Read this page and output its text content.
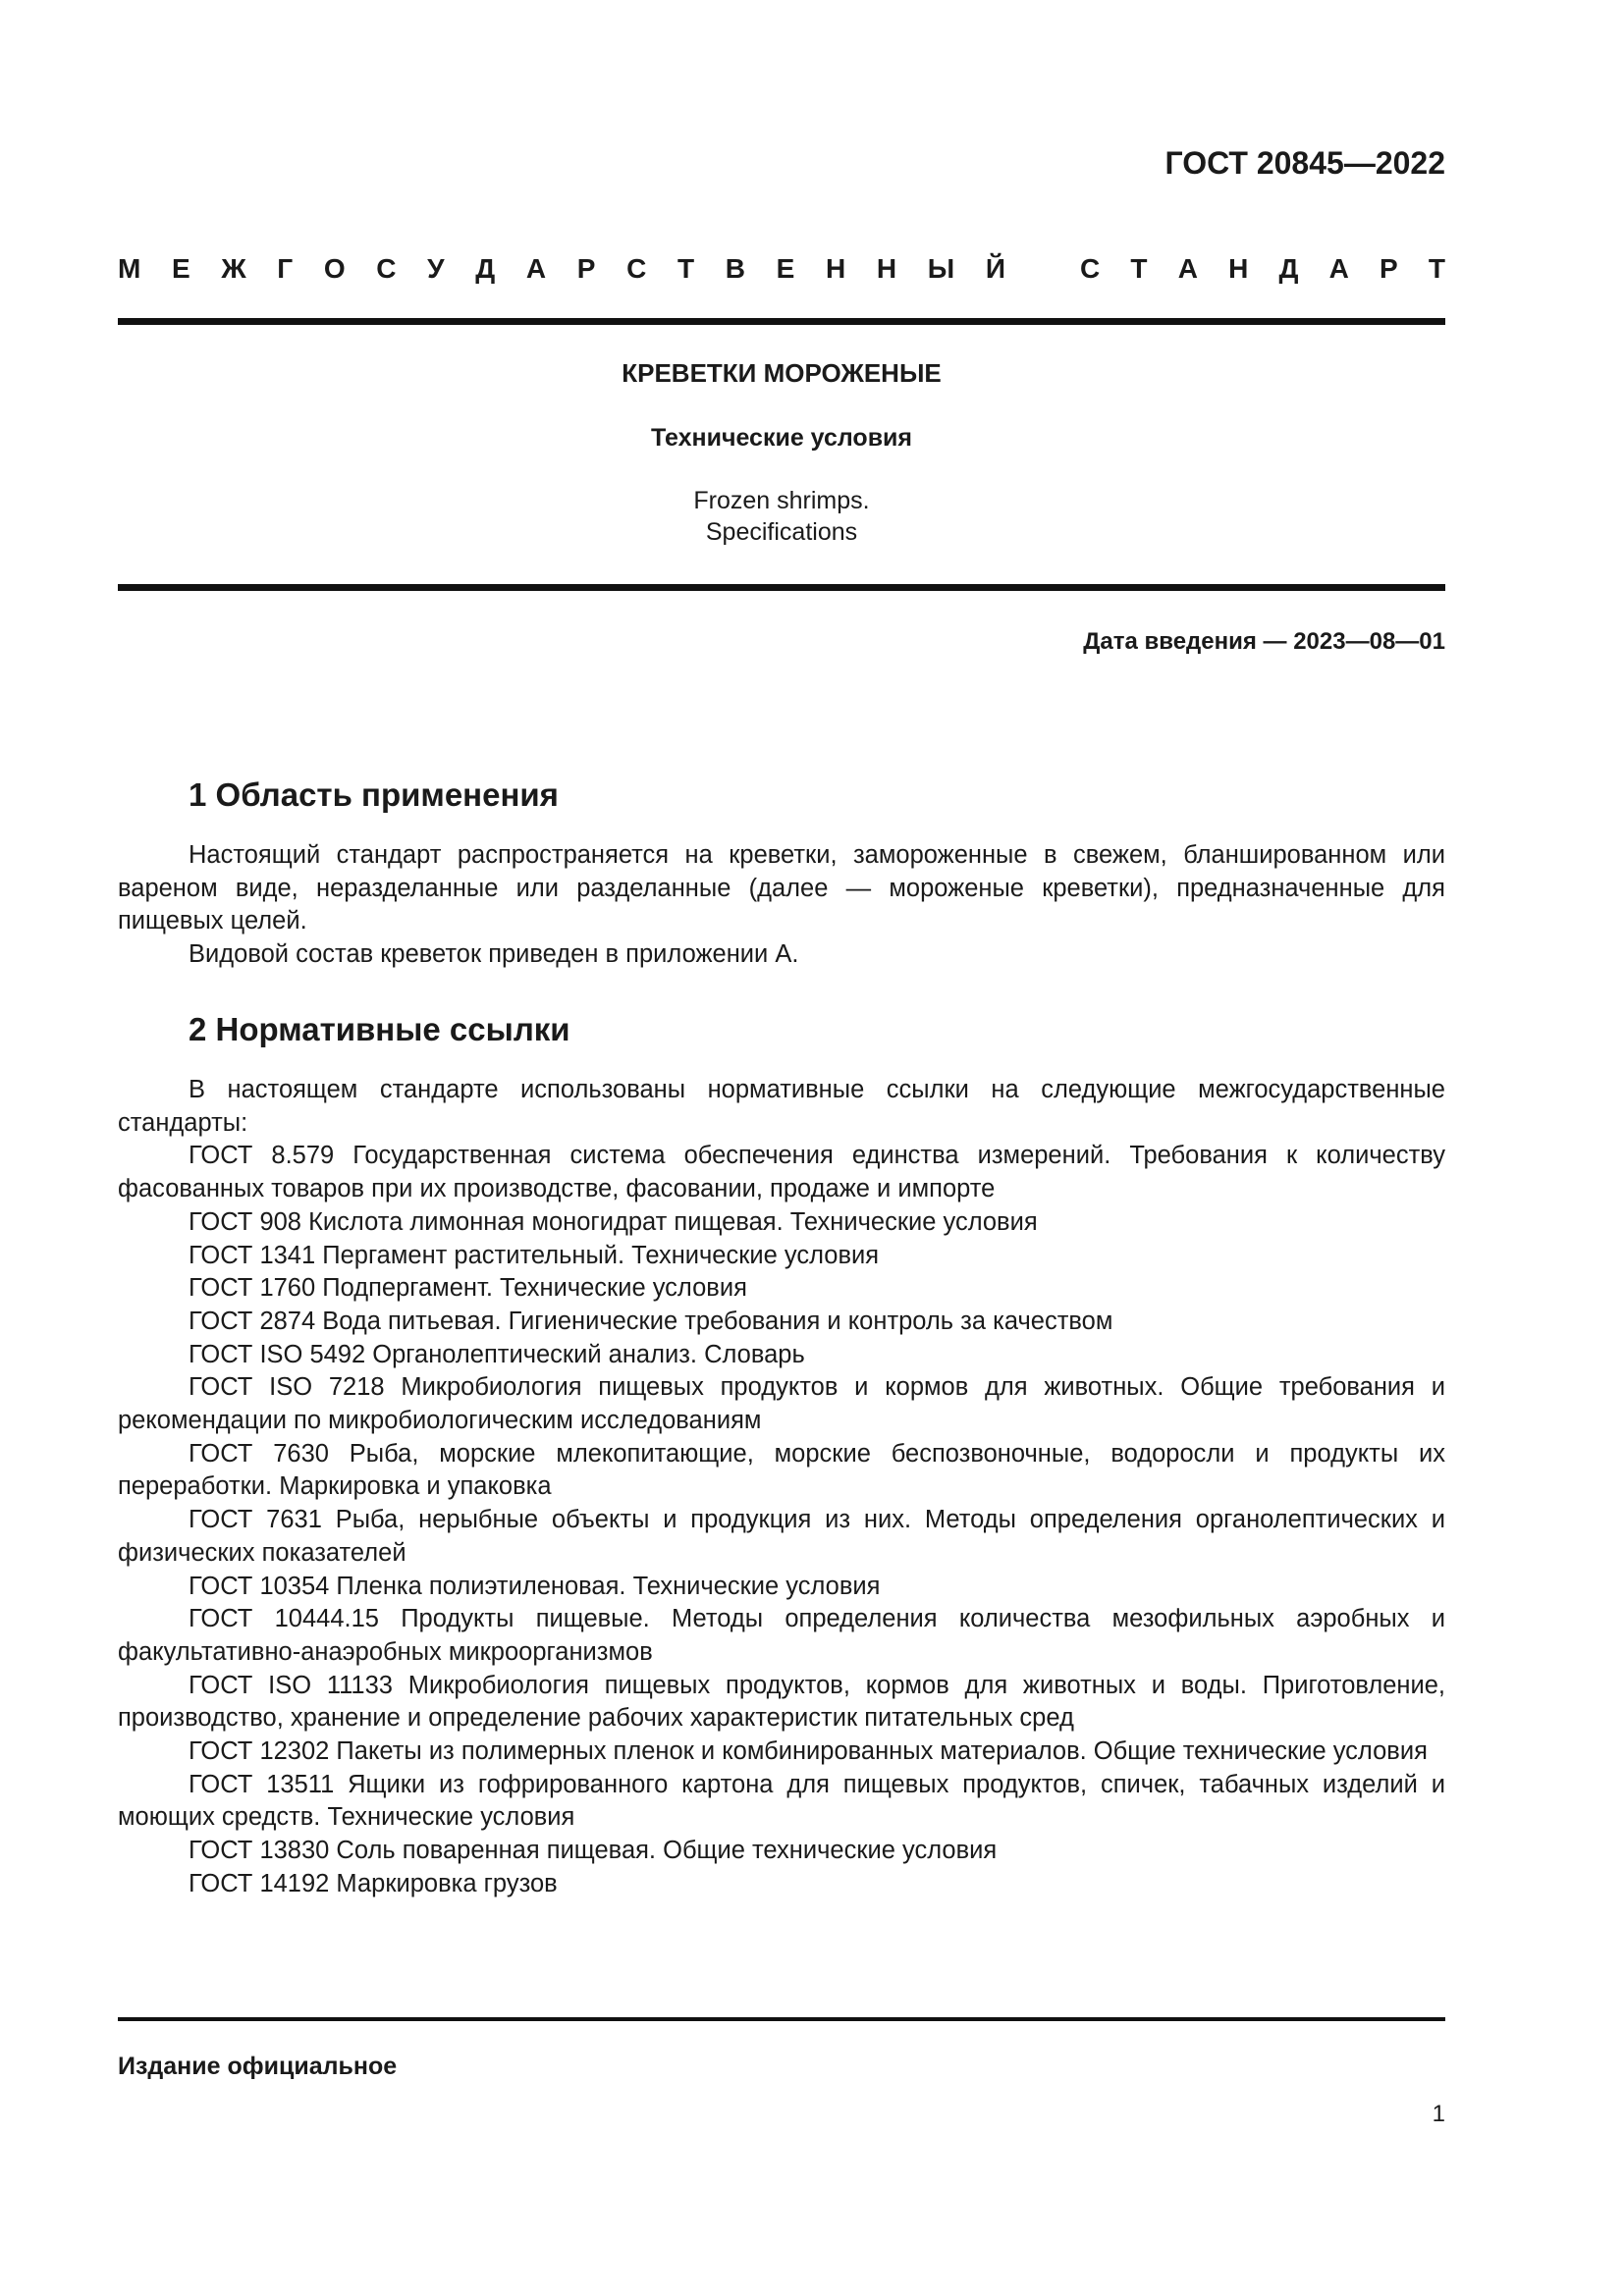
ГОСТ 20845—2022
М Е Ж Г О С У Д А Р С Т В Е Н Н Ы Й	С Т А Н Д А Р Т
КРЕВЕТКИ МОРОЖЕНЫЕ
Технические условия
Frozen shrimps.
Specifications
Дата введения — 2023—08—01
1 Область применения

Настоящий стандарт распространяется на креветки, замороженные в свежем, бланшированном или вареном виде, неразделанные или разделанные (далее — мороженые креветки), предназначенные для пищевых целей.

Видовой состав креветок приведен в приложении А.

2 Нормативные ссылки

В настоящем стандарте использованы нормативные ссылки на следующие межгосударственные стандарты:

ГОСТ 8.579 Государственная система обеспечения единства измерений. Требования к количеству фасованных товаров при их производстве, фасовании, продаже и импорте

ГОСТ 908 Кислота лимонная моногидрат пищевая. Технические условия

ГОСТ 1341 Пергамент растительный. Технические условия

ГОСТ 1760 Подпергамент. Технические условия

ГОСТ 2874 Вода питьевая. Гигиенические требования и контроль за качеством

ГОСТ ISO 5492 Органолептический анализ. Словарь

ГОСТ ISO 7218 Микробиология пищевых продуктов и кормов для животных. Общие требования и рекомендации по микробиологическим исследованиям

ГОСТ 7630 Рыба, морские млекопитающие, морские беспозвоночные, водоросли и продукты их переработки. Маркировка и упаковка

ГОСТ 7631 Рыба, нерыбные объекты и продукция из них. Методы определения органолептических и физических показателей

ГОСТ 10354 Пленка полиэтиленовая. Технические условия

ГОСТ 10444.15 Продукты пищевые. Методы определения количества мезофильных аэробных и факультативно-анаэробных микроорганизмов

ГОСТ ISO 11133 Микробиология пищевых продуктов, кормов для животных и воды. Приготовление, производство, хранение и определение рабочих характеристик питательных сред

ГОСТ 12302 Пакеты из полимерных пленок и комбинированных материалов. Общие технические условия

ГОСТ 13511 Ящики из гофрированного картона для пищевых продуктов, спичек, табачных изделий и моющих средств. Технические условия

ГОСТ 13830 Соль поваренная пищевая. Общие технические условия

ГОСТ 14192 Маркировка грузов

Издание официальное
1
